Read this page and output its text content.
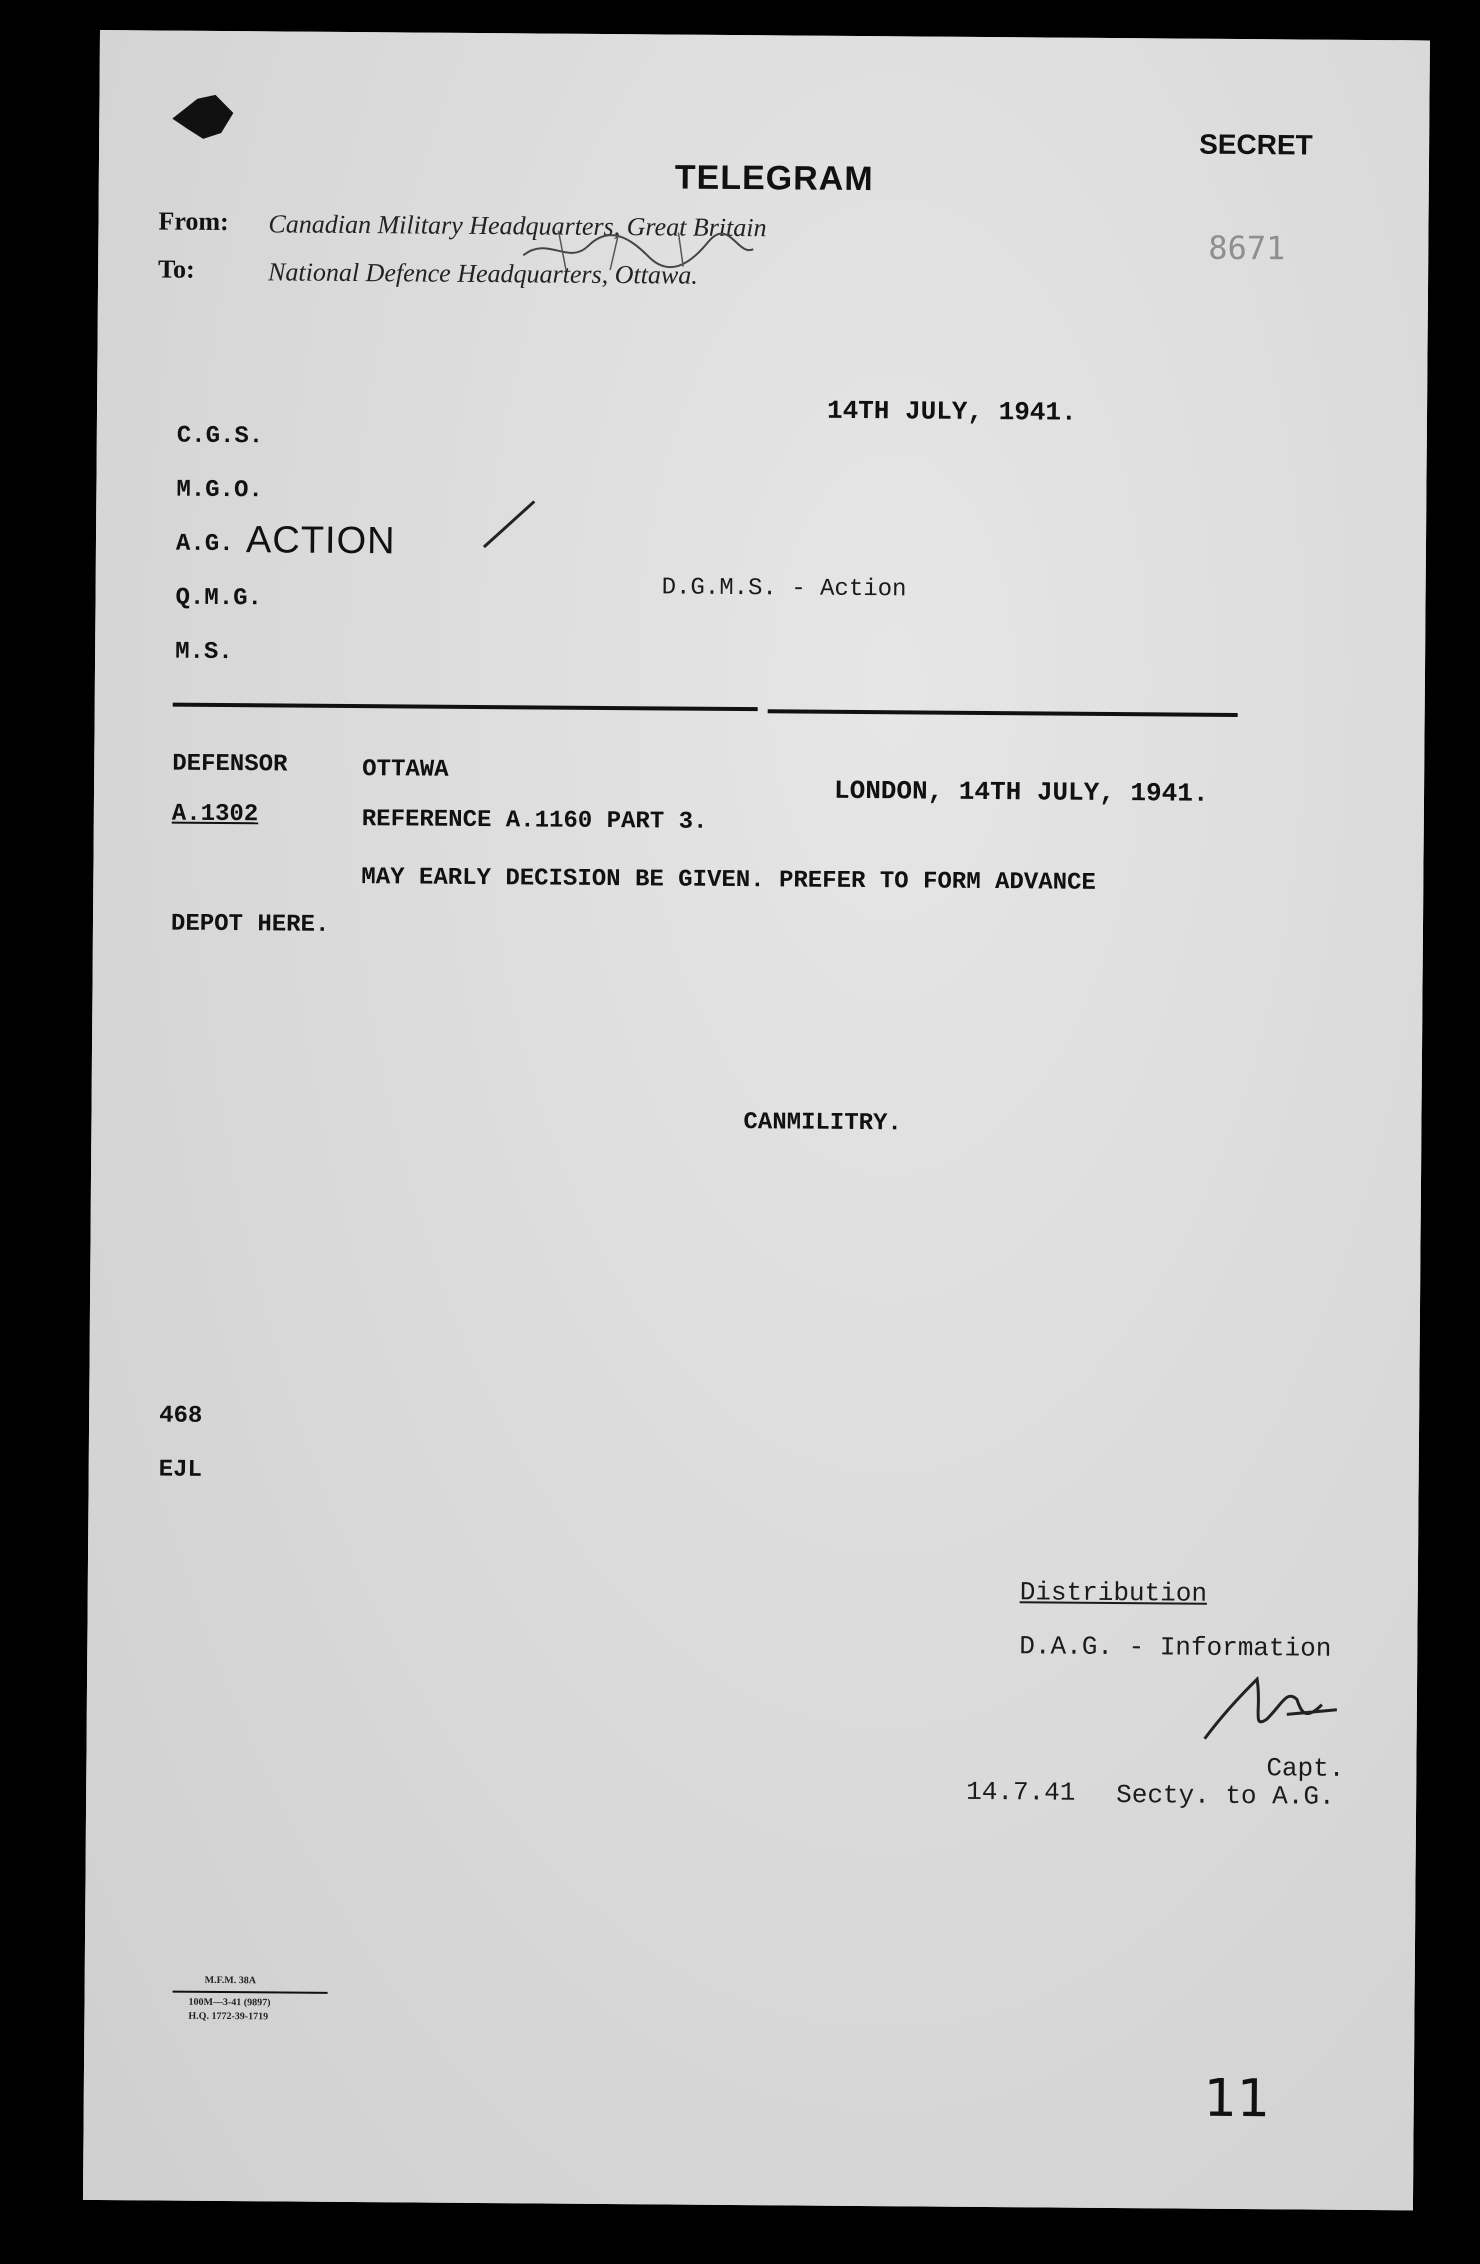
SECRET
TELEGRAM
From: Canadian Military Headquarters, Great Britain
To:	National Defence Headquarters, Ottawa.
8671
14TH JULY, 1941.
C.G.S.
M.G.O.
A.G. ACTION
Q.M.G.
M.S.
D.G.M.S. - Action
DEFENSOR	OTTAWA
LONDON, 14TH JULY, 1941.
A.1302	REFERENCE A.1160 PART 3.
MAY EARLY DECISION BE GIVEN. PREFER TO FORM ADVANCE
DEPOT HERE.
CANMILITRY.
468
EJL
Distribution
D.A.G. - Information
Capt.
14.7.41 Secty. to A.G.
M.F.M. 38A
100M—3-41 (9897)
H.Q. 1772-39-1719
11
